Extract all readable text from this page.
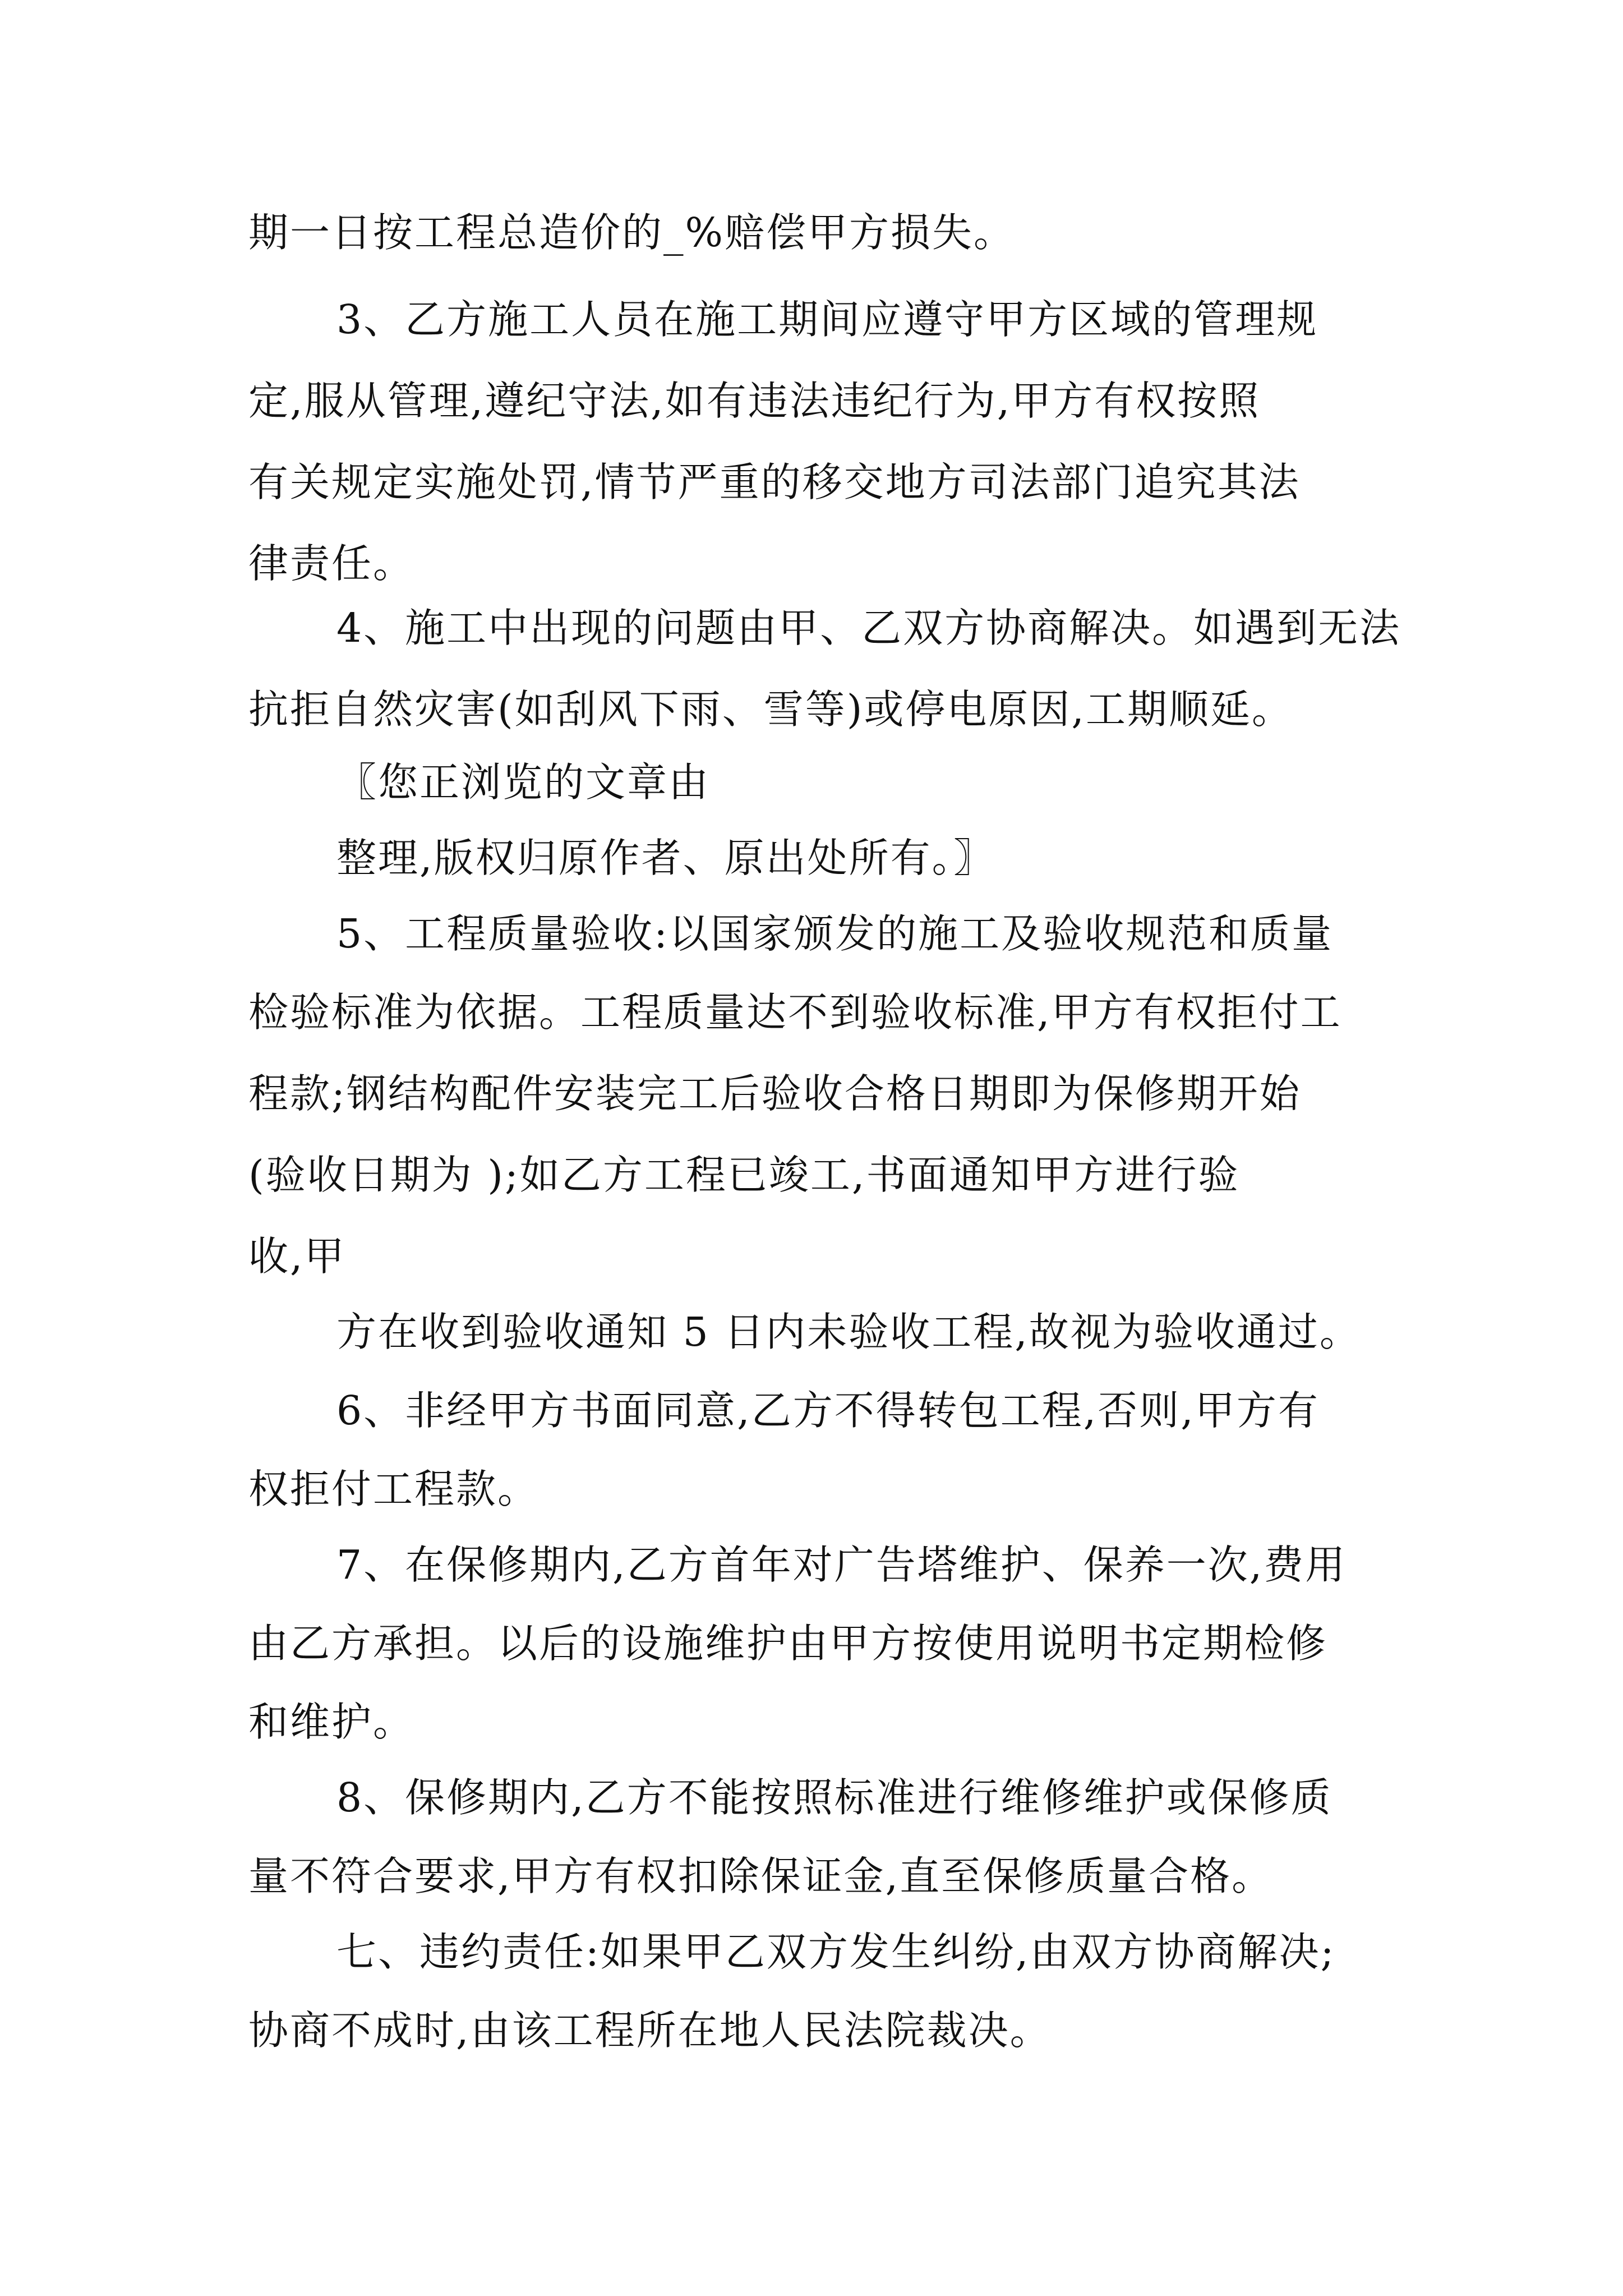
期一日按工程总造价的_%赔偿甲方损失。
3、乙方施工人员在施工期间应遵守甲方区域的管理规
定,服从管理,遵纪守法,如有违法违纪行为,甲方有权按照
有关规定实施处罚,情节严重的移交地方司法部门追究其法
律责任。
4、施工中出现的问题由甲、乙双方协商解决。如遇到无法
抗拒自然灾害(如刮风下雨、雪等)或停电原因,工期顺延。
〖您正浏览的文章由
整理,版权归原作者、原出处所有。〗
5、工程质量验收:以国家颁发的施工及验收规范和质量
检验标准为依据。工程质量达不到验收标准,甲方有权拒付工
程款;钢结构配件安装完工后验收合格日期即为保修期开始
(验收日期为 );如乙方工程已竣工,书面通知甲方进行验
收,甲
方在收到验收通知 5 日内未验收工程,故视为验收通过。
6、非经甲方书面同意,乙方不得转包工程,否则,甲方有
权拒付工程款。
7、在保修期内,乙方首年对广告塔维护、保养一次,费用
由乙方承担。以后的设施维护由甲方按使用说明书定期检修
和维护。
8、保修期内,乙方不能按照标准进行维修维护或保修质
量不符合要求,甲方有权扣除保证金,直至保修质量合格。
七、违约责任:如果甲乙双方发生纠纷,由双方协商解决;
协商不成时,由该工程所在地人民法院裁决。
